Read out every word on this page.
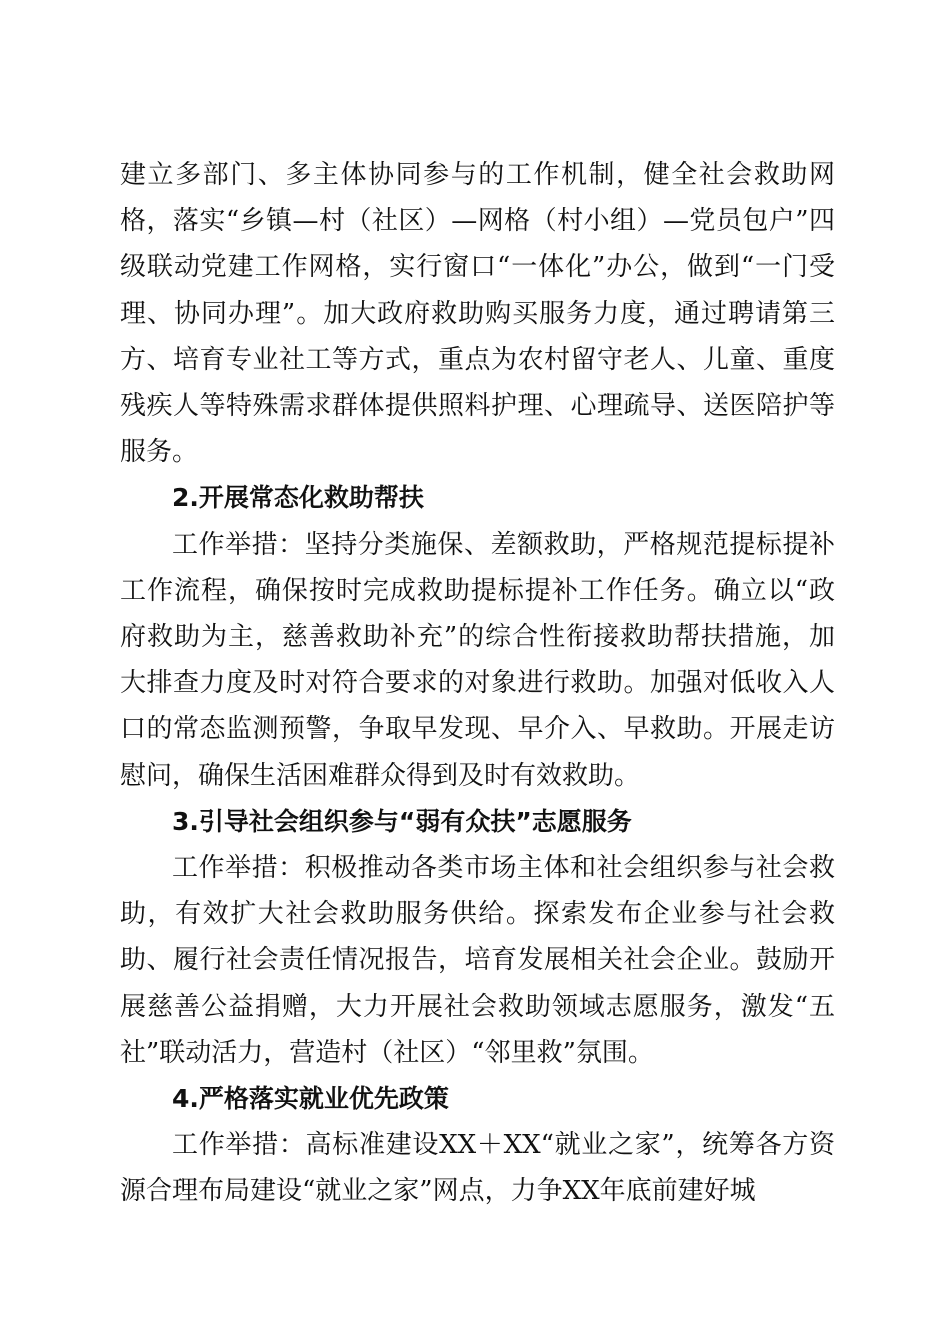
建立多部门、多主体协同参与的工作机制，健全社会救助网格，落实“乡镇—村（社区）—网格（村小组）—党员包户”四级联动党建工作网格，实行窗口“一体化”办公，做到“一门受理、协同办理”。加大政府救助购买服务力度，通过聘请第三方、培育专业社工等方式，重点为农村留守老人、儿童、重度残疾人等特殊需求群体提供照料护理、心理疏导、送医陪护等服务。

2.开展常态化救助帮扶

工作举措：坚持分类施保、差额救助，严格规范提标提补工作流程，确保按时完成救助提标提补工作任务。确立以“政府救助为主，慈善救助补充”的综合性衔接救助帮扶措施，加大排查力度及时对符合要求的对象进行救助。加强对低收入人口的常态监测预警，争取早发现、早介入、早救助。开展走访慰问，确保生活困难群众得到及时有效救助。

3.引导社会组织参与“弱有众扶”志愿服务

工作举措：积极推动各类市场主体和社会组织参与社会救助，有效扩大社会救助服务供给。探索发布企业参与社会救助、履行社会责任情况报告，培育发展相关社会企业。鼓励开展慈善公益捐赠，大力开展社会救助领域志愿服务，激发“五社”联动活力，营造村（社区）“邻里救”氛围。

4.严格落实就业优先政策

工作举措：高标准建设XX＋XX“就业之家”，统筹各方资源合理布局建设“就业之家”网点，力争XX年底前建好城
